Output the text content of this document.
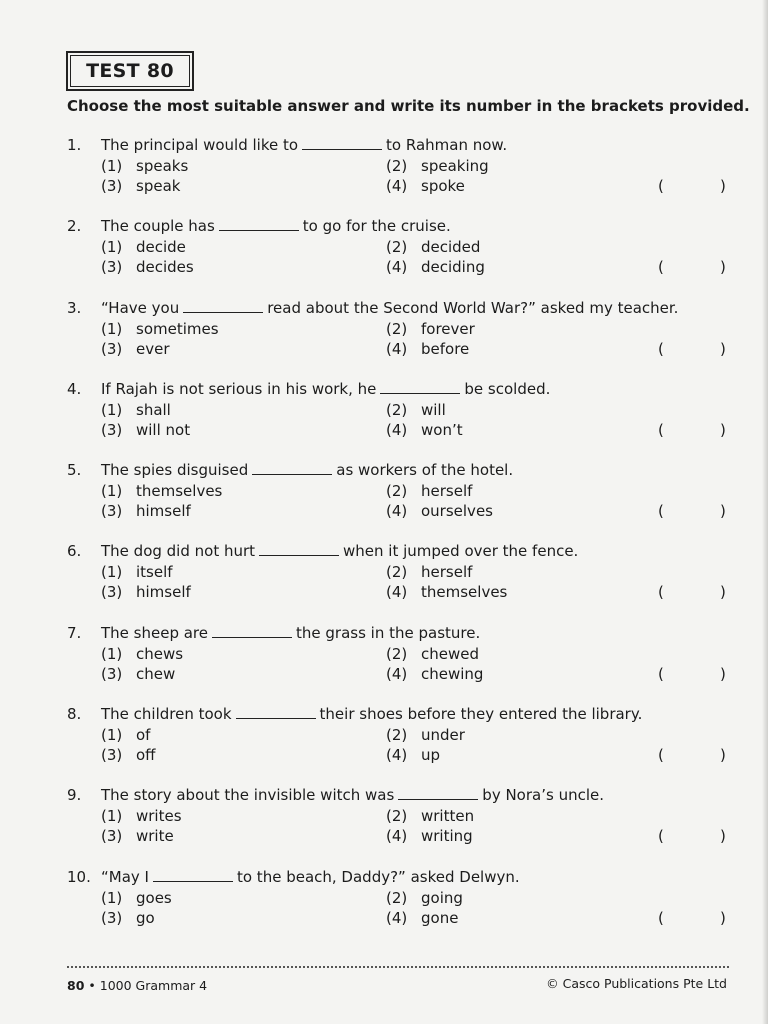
TEST 80
Choose the most suitable answer and write its number in the brackets provided.
1. The principal would like to	to Rahman now.
(1) speaks	(2) speaking
(3) speak	(4) spoke	(	)
2. The couple has	to go for the cruise.
(1) decide	(2) decided
(3) decides	(4) deciding	(	)
3. “Have you	read about the Second World War?” asked my teacher.
(1) sometimes	(2) forever
(3) ever	(4) before	(	)
4. If Rajah is not serious in his work, he	be scolded.
(1) shall	(2) will
(3) will not	(4) won’t	(	)
5. The spies disguised	as workers of the hotel.
(1) themselves	(2) herself
(3) himself	(4) ourselves	(	)
6. The dog did not hurt	when it jumped over the fence.
(1) itself	(2) herself
(3) himself	(4) themselves	(	)
7. The sheep are	the grass in the pasture.
(1) chews	(2) chewed
(3) chew	(4) chewing	(	)
8. The children took	their shoes before they entered the library.
(1) of	(2) under
(3) off	(4) up	(	)
9. The story about the invisible witch was	by Nora’s uncle.
(1) writes	(2) written
(3) write	(4) writing	(	)
10. “May I	to the beach, Daddy?” asked Delwyn.
(1) goes	(2) going
(3) go	(4) gone	(	)
80 • 1000 Grammar 4	© Casco Publications Pte Ltd
